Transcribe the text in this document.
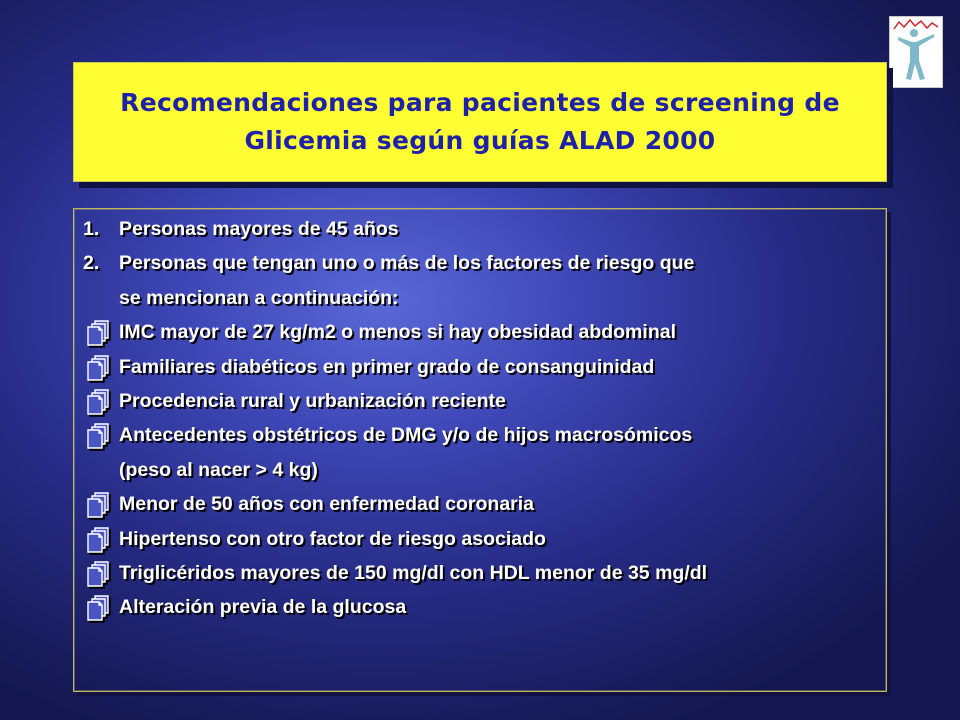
Recomendaciones para pacientes de screening de
Glicemia según guías ALAD 2000

1.	Personas mayores de 45 años
2.	Personas que tengan uno o más de los factores de riesgo que
se mencionan a continuación:
IMC mayor de 27 kg/m2 o menos si hay obesidad abdominal
Familiares diabéticos en primer grado de consanguinidad
Procedencia rural y urbanización reciente
Antecedentes obstétricos de DMG y/o de hijos macrosómicos
(peso al nacer > 4 kg)
Menor de 50 años con enfermedad coronaria
Hipertenso con otro factor de riesgo asociado
Triglicéridos mayores de 150 mg/dl con HDL menor de 35 mg/dl
Alteración previa de la glucosa
